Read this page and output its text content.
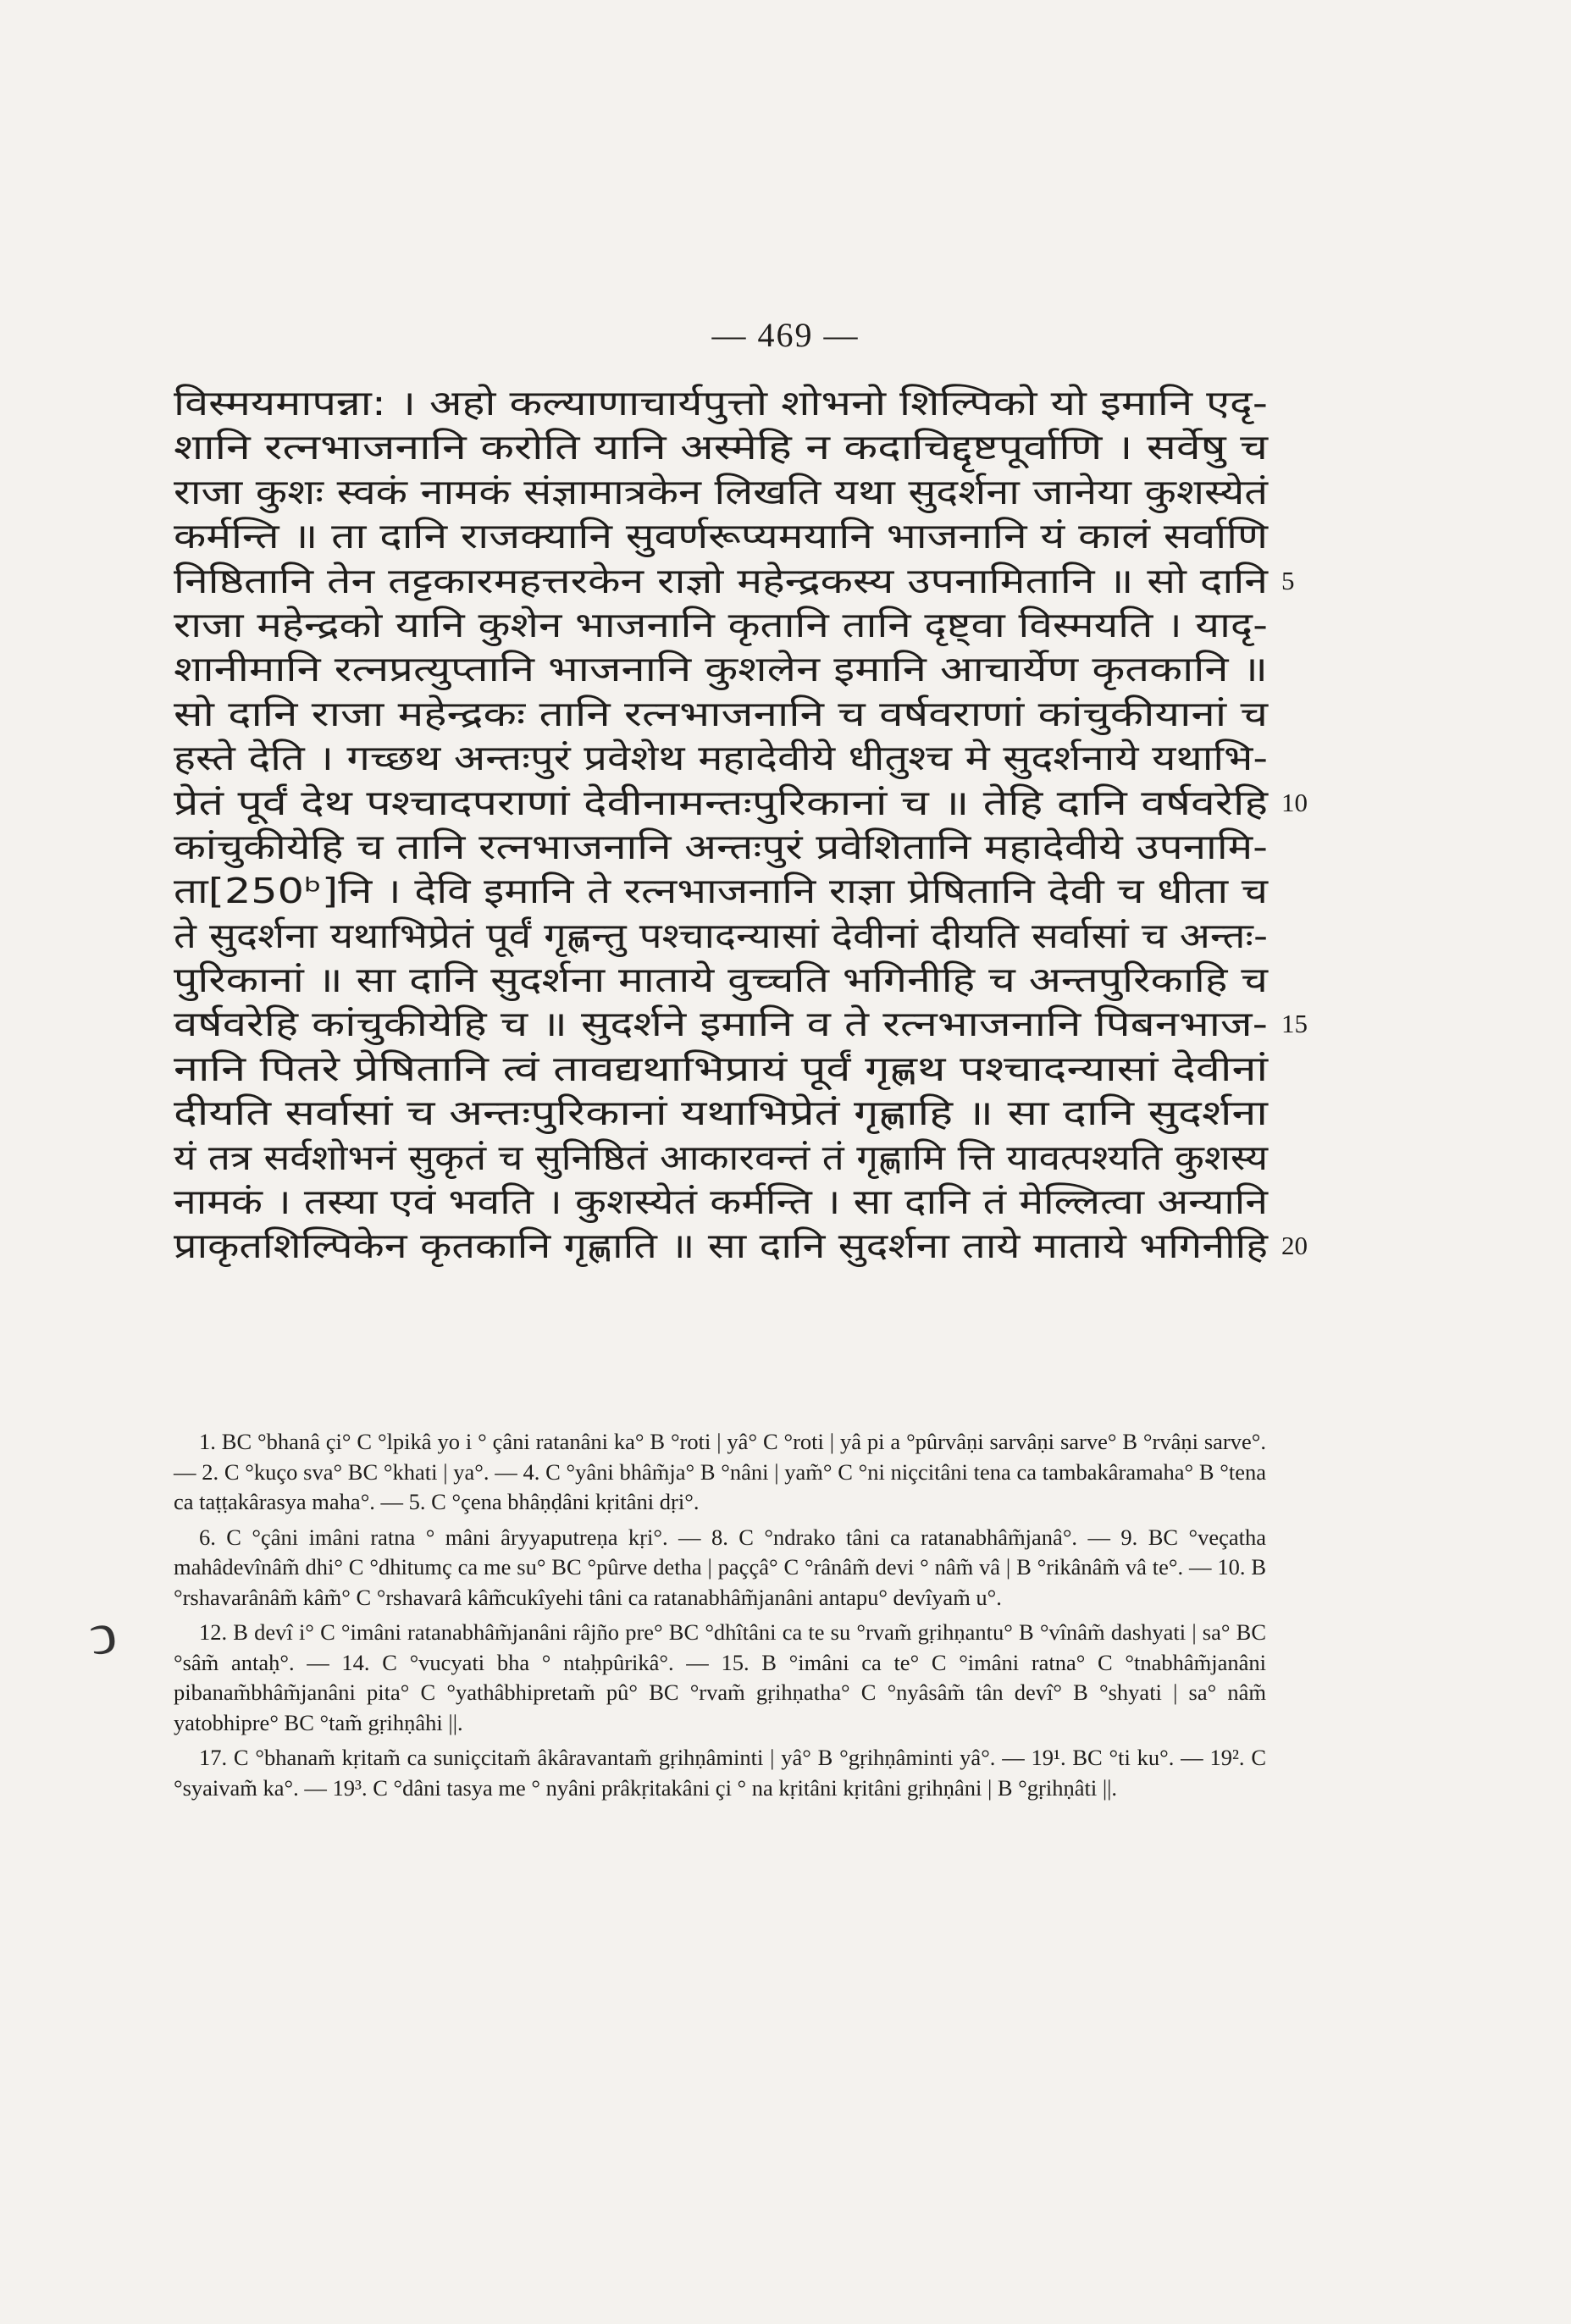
— 469 —
ↄ
विस्मयमापन्ना: । अहो कल्याणाचार्यपुत्तो शोभनो शिल्पिको यो इमानि एदृ-
शानि रत्नभाजनानि करोति यानि अस्मेहि न कदाचिद्दृष्टपूर्वाणि । सर्वेषु च
राजा कुशः स्वकं नामकं संज्ञामात्रकेन लिखति यथा सुदर्शना जानेया कुशस्येतं
कर्मन्ति ॥ ता दानि राजक्यानि सुवर्णरूप्यमयानि भाजनानि यं कालं सर्वाणि
निष्ठितानि तेन तट्टकारमहत्तरकेन राज्ञो महेन्द्रकस्य उपनामितानि ॥ सो दानि 5
राजा महेन्द्रको यानि कुशेन भाजनानि कृतानि तानि दृष्ट्वा विस्मयति । यादृ-
शानीमानि रत्नप्रत्युप्तानि भाजनानि कुशलेन इमानि आचार्येण कृतकानि ॥
सो दानि राजा महेन्द्रकः तानि रत्नभाजनानि च वर्षवराणां कांचुकीयानां च
हस्ते देति । गच्छथ अन्तःपुरं प्रवेशेथ महादेवीये धीतुश्च मे सुदर्शनाये यथाभि-
प्रेतं पूर्वं देथ पश्चादपराणां देवीनामन्तःपुरिकानां च ॥ तेहि दानि वर्षवरेहि 10
कांचुकीयेहि च तानि रत्नभाजनानि अन्तःपुरं प्रवेशितानि महादेवीये उपनामि-
ता[250ᵇ]नि । देवि इमानि ते रत्नभाजनानि राज्ञा प्रेषितानि देवी च धीता च
ते सुदर्शना यथाभिप्रेतं पूर्वं गृह्णन्तु पश्चादन्यासां देवीनां दीयति सर्वासां च अन्तः-
पुरिकानां ॥ सा दानि सुदर्शना माताये वुच्चति भगिनीहि च अन्तपुरिकाहि च
वर्षवरेहि कांचुकीयेहि च ॥ सुदर्शने इमानि व ते रत्नभाजनानि पिबनभाज- 15
नानि पितरे प्रेषितानि त्वं तावद्यथाभिप्रायं पूर्वं गृह्णथ पश्चादन्यासां देवीनां
दीयति सर्वासां च अन्तःपुरिकानां यथाभिप्रेतं गृह्णाहि ॥ सा दानि सुदर्शना
यं तत्र सर्वशोभनं सुकृतं च सुनिष्ठितं आकारवन्तं तं गृह्णामि त्ति यावत्पश्यति कुशस्य
नामकं । तस्या एवं भवति । कुशस्येतं कर्मन्ति । सा दानि तं मेल्लित्वा अन्यानि
प्राकृतशिल्पिकेन कृतकानि गृह्णाति ॥ सा दानि सुदर्शना ताये माताये भगिनीहि 20

1. BC °bhanâ çi° C °lpikâ yo i ° çâni ratanâni ka° B °roti | yâ° C °roti | yâ pi a °pûrvâṇi sarvâṇi sarve° B °rvâṇi sarve°. — 2. C °kuço sva° BC °khati | ya°. — 4. C °yâni bhâm̃ja° B °nâni | yam̃° C °ni niçcitâni tena ca tambakâramaha° B °tena ca taṭṭakârasya maha°. — 5. C °çena bhâṇḍâni kṛitâni dṛi°.

6. C °çâni imâni ratna ° mâni âryyaputreṇa kṛi°. — 8. C °ndrako tâni ca ratanabhâm̃janâ°. — 9. BC °veçatha mahâdevînâm̃ dhi° C °dhitumç ca me su° BC °pûrve detha | paççâ° C °rânâm̃ devi ° nâm̃ vâ | B °rikânâm̃ vâ te°. — 10. B °rshavarânâm̃ kâm̃° C °rshavarâ kâm̃cukîyehi tâni ca ratanabhâm̃janâni antapu° devîyam̃ u°.

12. B devî i° C °imâni ratanabhâm̃janâni râjño pre° BC °dhîtâni ca te su °rvam̃ gṛihṇantu° B °vînâm̃ dashyati | sa° BC °sâm̃ antaḥ°. — 14. C °vucyati bha ° ntaḥpûrikâ°. — 15. B °imâni ca te° C °imâni ratna° C °tnabhâm̃janâni pibanam̃bhâm̃janâni pita° C °yathâbhipretam̃ pû° BC °rvam̃ gṛihṇatha° C °nyâsâm̃ tân devî° B °shyati | sa° nâm̃ yatobhipre° BC °tam̃ gṛihṇâhi ||.

17. C °bhanam̃ kṛitam̃ ca suniçcitam̃ âkâravantam̃ gṛihṇâminti | yâ° B °gṛihṇâminti yâ°. — 19¹. BC °ti ku°. — 19². C °syaivam̃ ka°. — 19³. C °dâni tasya me ° nyâni prâkṛitakâni çi ° na kṛitâni kṛitâni gṛihṇâni | B °gṛihṇâti ||.
